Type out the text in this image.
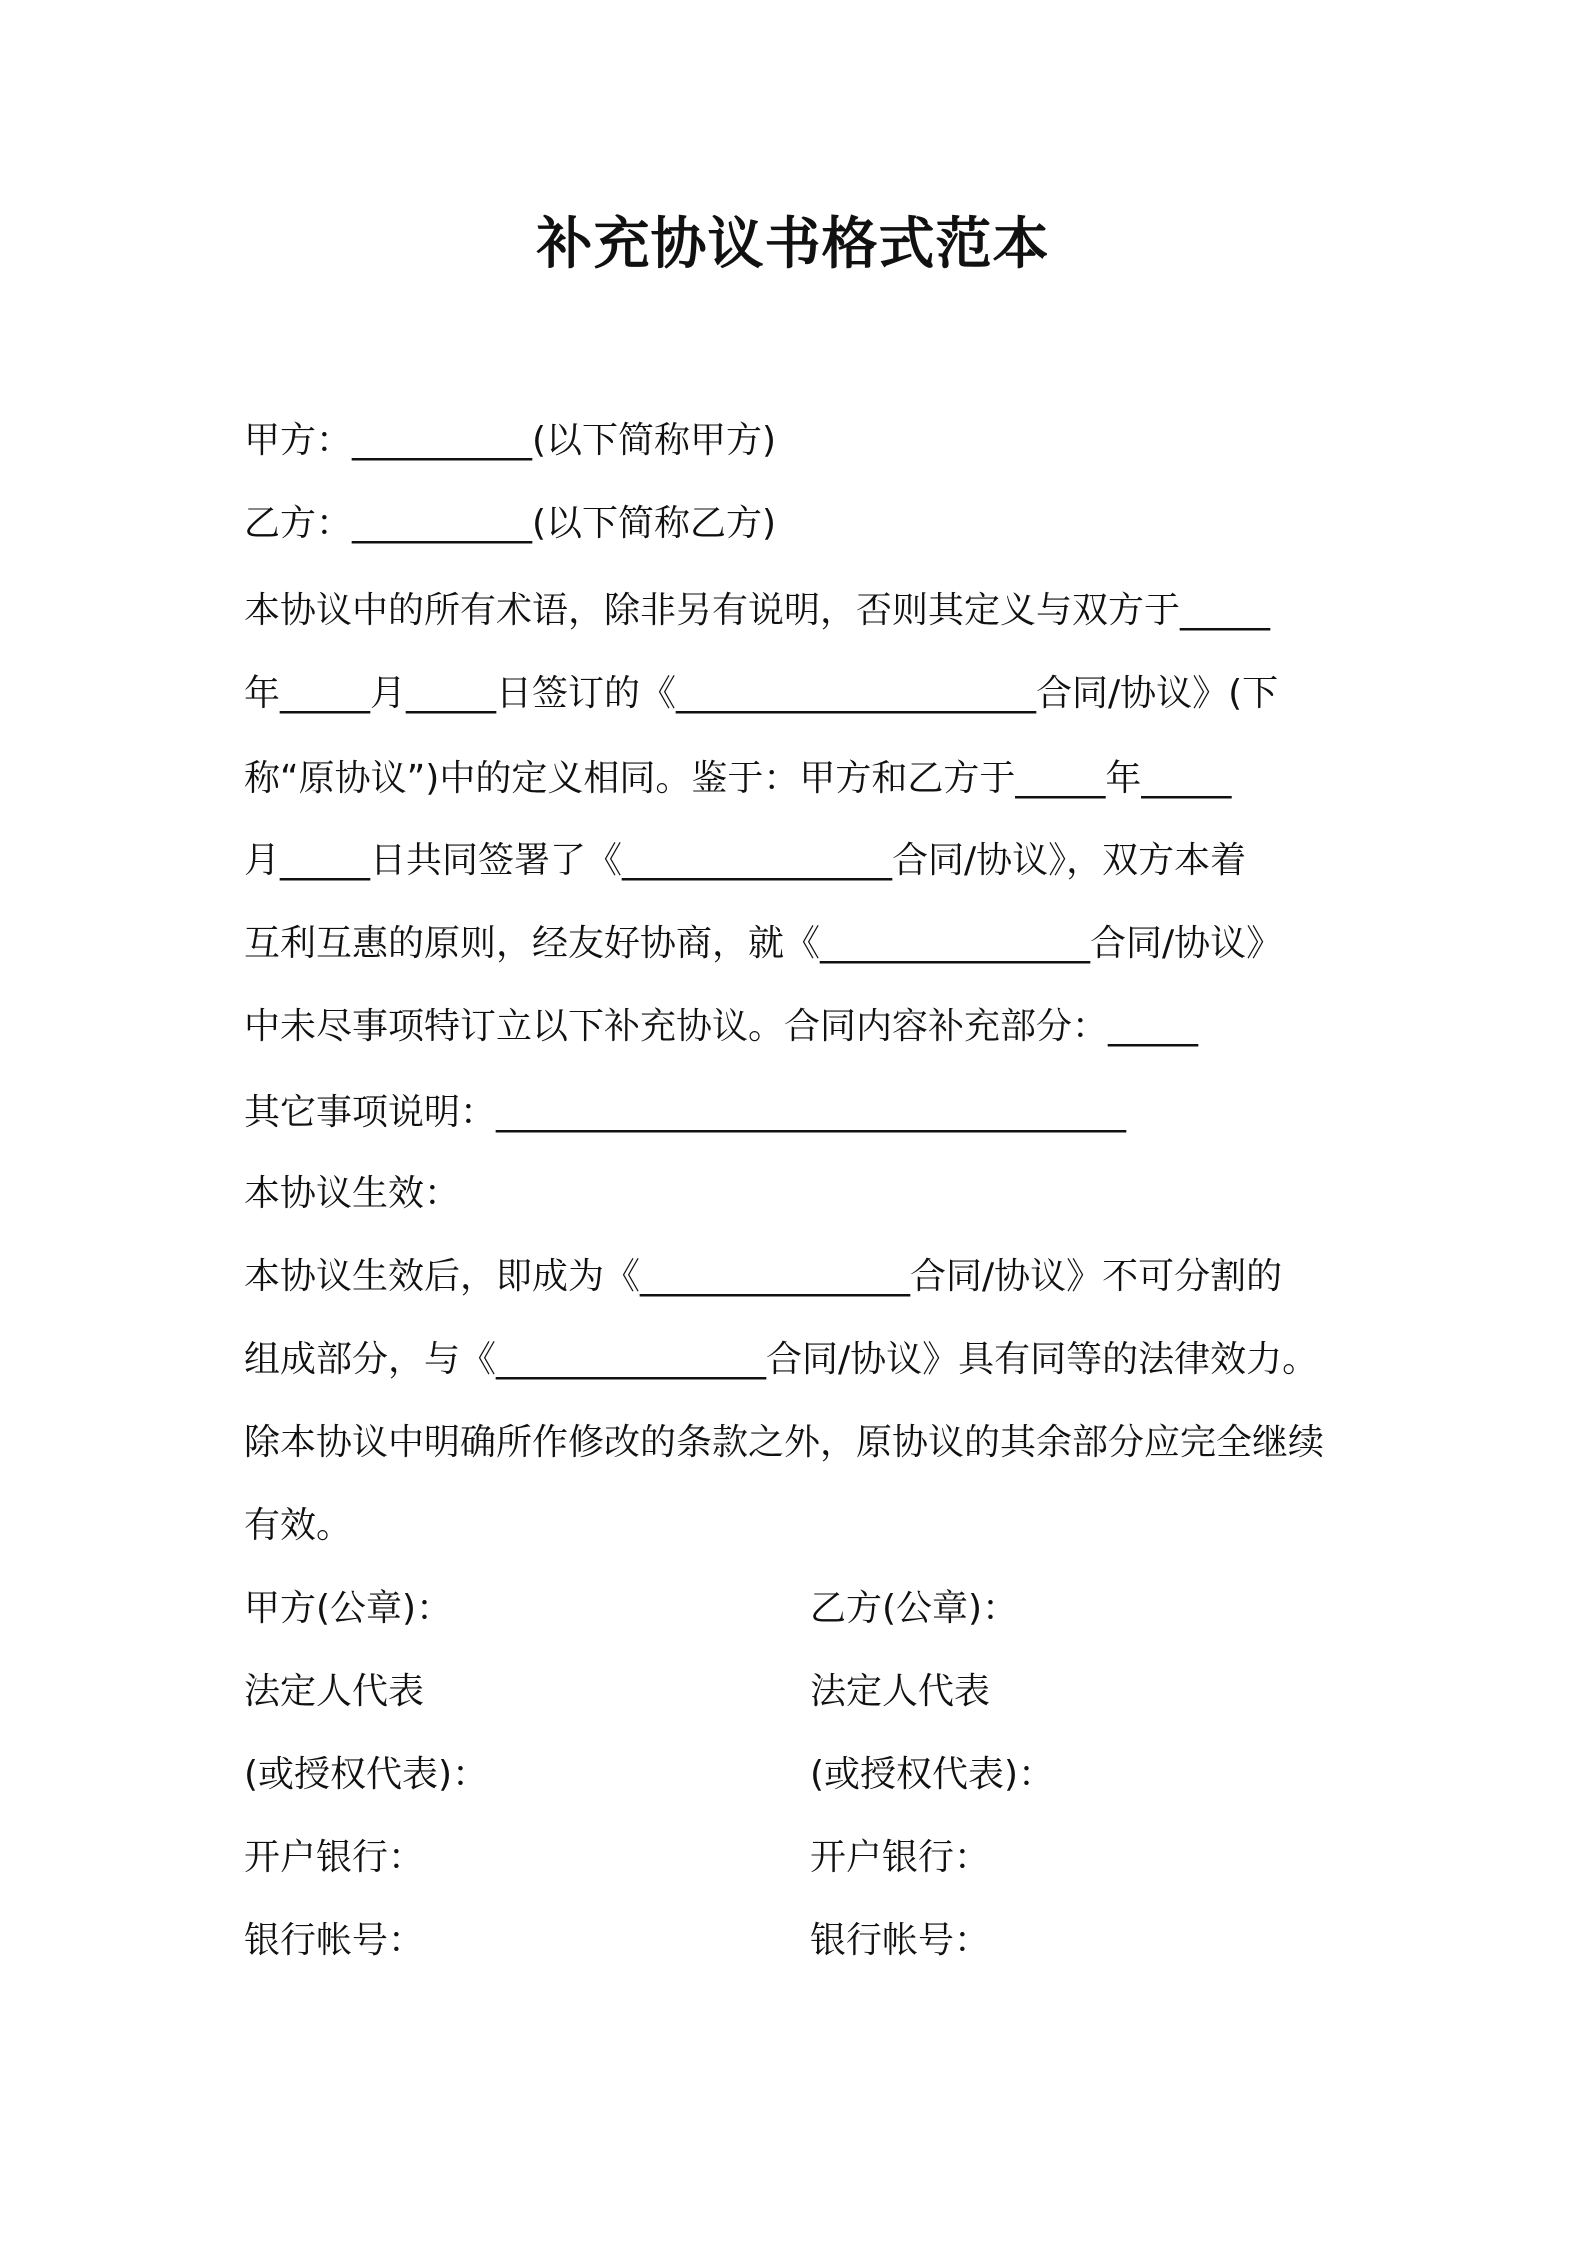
补充协议书格式范本
甲方：__________(以下简称甲方)
乙方：__________(以下简称乙方)
本协议中的所有术语，除非另有说明，否则其定义与双方于_____
年_____月_____日签订的《____________________合同/协议》(下
称“原协议”)中的定义相同。鉴于：甲方和乙方于_____年_____
月_____日共同签署了《_______________合同/协议》，双方本着
互利互惠的原则，经友好协商，就《_______________合同/协议》
中未尽事项特订立以下补充协议。合同内容补充部分：_____
其它事项说明：___________________________________
本协议生效：
本协议生效后，即成为《_______________合同/协议》不可分割的
组成部分，与《_______________合同/协议》具有同等的法律效力。
除本协议中明确所作修改的条款之外，原协议的其余部分应完全继续
有效。
甲方(公章)：
法定人代表
(或授权代表)：
开户银行：
银行帐号：
乙方(公章)：
法定人代表
(或授权代表)：
开户银行：
银行帐号：
